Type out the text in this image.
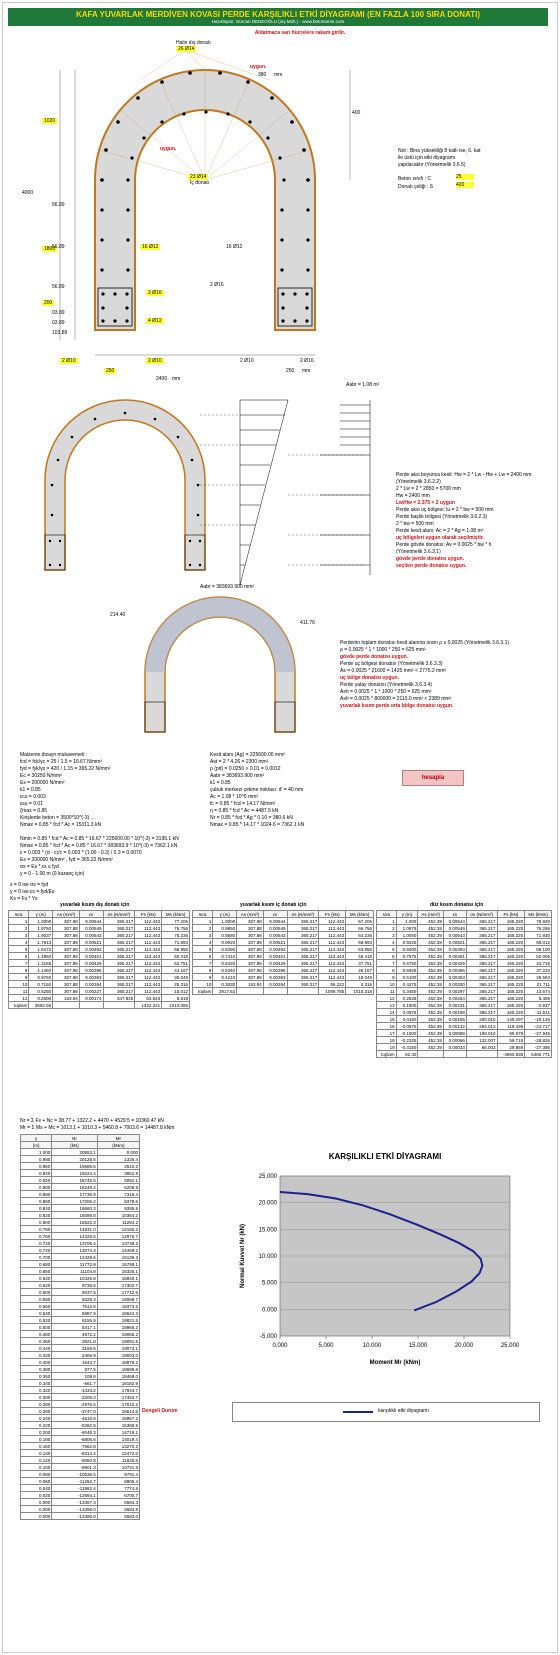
KAFA YUVARLAK MERDİVEN KOVASI PERDE KARŞILIKLI ETKİ DİYAGRAMI (EN FAZLA 100 SIRA DONATI)
Hazırlayan: Gürcan DEDEOĞLU (inş.Müh.) - www.betonarme.com
Aldatmaca sarı hücrelere rakam girilir.
Halin dış donatı
26 Ø14
uygun.
380 mm
uygun.
23 Ø14
İç donatı
1020
4000
1800
200
400
56.89
56.89
56.89
03.89
03.89
103.89
16 Ø12	16 Ø12
2 Ø16
2 Ø16
4 Ø12
2 Ø10	2 Ø10	2 Ø10	2 Ø16
250
2400
250
mm
mm
Not : Bina yüksekliği 8 katlı ise, 6. kat
ile üstü için etki diyagramı
yapılacaktır (Yönetmelik 3.6.5)
Beton sınıfı : C
25
Donatı çeliği : S
420
Aabr = 1.08 m²
Perde aksi boyunca kesit: Hw = 2 * Lw - Hw + Lw = 2400 mm
(Yönetmelik 3.6.2.2)
2 * Lw = 2 * 2850 = 5700 mm
Hw = 2400 mm
Lw/Hw = 2.375 > 2 uygun
Perde aksi uç bölgesi: lu = 2 * bw = 500 mm
Perde başlık bölgesi (Yönetmelik 3.6.2.3)
2 * bw = 500 mm
Perde kesit alanı: Ac = 2 * Ag = 1.08 m²
uç bölgeleri uygun olarak seçilmiştir.
Perde gövde donatısı: Av = 0.0025 * bw * h
(Yönetmelik 3.6.3.1)
gövde perde donatısı uygun.
seçilen perde donatısı uygun.
Aabr = 383693.900 mm²
214.40
411.76
Perdenin toplam donatısı kesit alanına oranı ρ ≥ 0.0025 (Yönetmelik 3.6.3.1)
ρ = 0.0025 * 1 * 1000 * 250 = 625 mm²
gövde perde donatısı uygun.
Perde uç bölgesi donatısı (Yönetmelik 3.6.3.3)
As = 0.0025 * 21600 = 1425 mm² < 2775.2 mm²
uç bölge donatısı uygun.
Perde yatay donatısı (Yönetmelik 3.6.3.4)
Ash = 0.0025 * 1 * 1000 * 250 = 625 mm²
Ash = 0.0025 * 800000 = 2110.0 mm² < 2389 mm²
yuvarlak kısım perde orta bölge donatısı uygun.
Malzeme dizayn mukavemeti :
fcd = fck/γc = 25 / 1.5 = 16.67 N/mm²
fyd = fyk/γs = 420 / 1.15 = 365.22 N/mm²
Ec = 30250 N/mm²
Es = 200000 N/mm²
k1 = 0.85
εcu = 0.003
εsu = 0.01
ζmax = 0.85
Kirişlerde beton = 3500*10^(-3) ...
Nmax = 0.85 * fcd * Ac = 15311.3 kN
Kesit alanı (Ag) = 225600.00 mm²
Ast = 2 * 4.26 = 2300 mm²
ρ (pd) = 0.0250 > 0.01 = 0.0012
Aabr = 383693.900 mm²
k1 = 0.85
çubuk merkezi çekme noktası: d' = 40 mm
Ac = 1.08 * 10^6 mm²
fc = 0.85 * fcd = 14.17 N/mm²
η = 0.85 * fcd * Ac = 4487.5 kN
Nr = 0.85 * fcd * Ag * 0.10 = 380.6 kN
Nmax = 0.85 * 14.17 * 1024.6 = 7362.1 kN
hesapla
Nmin = 0.85 * fcd * Ac = 0.85 * 16.67 * 225600.00 * 10^(-3) = 3195.1 kN
Nmax = 0.85 * fcd * Ac = 0.85 * 16.67 * 383693.9 * 10^(-3) = 7362.1 kN
ε = 0.003 * (d - c)/c = 0.003 * (1.00 - 0.3) / 0.3 = 0.0070
Es = 200000 N/mm² , fyd = 365.22 N/mm²
σs = Es * εs ≤ fyd
y = 0 - 1.00 m (0 kazanç için)
x = 0 ise σs = fyd
y = 0 ise εs = fyd/Es
Ks = Fs * Ys
yuvarlak kısım dış donatı için	yuvarlak kısım iç donatı için	düz kısım donatısı için
sıra	y (m)	As (mm²)	εs	σs (N/mm²)	Fs (kN)	Ms (kNm)
1	1.0000	307.88	0.00544	365.217	112.443	77.206
2	1.9750	307.88	0.00549	365.217	112.443	76.756
3	1.9037	307.88	0.00543	365.217	112.443	75.236
4	1.7913	307.88	0.00521	365.217	112.443	71.893
5	1.6472	307.88	0.00493	365.217	112.443	66.956
6	1.4850	307.88	0.00461	365.217	112.443	60.418
7	1.3155	307.88	0.00429	365.217	112.443	52.751
8	1.1450	307.88	0.00396	365.217	112.443	44.167
9	0.9750	307.88	0.00363	365.217	112.443	35.049
10	0.7150	307.88	0.00264	365.217	112.443	25.316
11	0.5250	307.88	0.00227	365.217	112.443	15.012
12	0.2500	153.94	0.00174	347.825	53.543	5.618
toplam	3692.56				1322.221	1013.086
sıra	y (m)	As (mm²)	εs	σs (N/mm²)	Fs (kN)	Ms (kNm)
1	1.0000	307.88	0.00544	365.217	112.443	67.206
2	0.9850	307.88	0.00549	365.217	112.443	66.756
3	0.9580	307.88	0.00543	365.217	112.443	64.236
4	0.9020	307.88	0.00521	365.217	112.443	59.893
5	0.8290	307.88	0.00493	365.217	112.443	53.956
6	0.7410	307.88	0.00461	365.217	112.443	46.418
7	0.6420	307.88	0.00429	365.217	112.443	37.751
8	0.5340	307.88	0.00396	365.217	112.443	28.167
9	0.4210	307.88	0.00363	365.217	112.443	18.049
10	0.3030	153.94	0.00264	365.217	56.222	4.316
toplam	2917.52				1089.785	1010.318
sıra	y (m)	As (mm²)	εs	σs (N/mm²)	Fs (kN)	Ms (kNm)
1	1.000	452.39	0.00544	365.217	165.220	78.930
2	1.0875	452.39	0.00549	365.217	165.220	76.256
3	1.0050	452.39	0.00543	365.217	165.220	71.930
4	0.9225	452.39	0.00521	365.217	165.220	66.012
5	0.8400	452.39	0.00493	365.217	165.220	59.100
6	0.7575	452.39	0.00461	365.217	165.220	52.006
7	0.6750	452.39	0.00429	365.217	165.220	44.715
8	0.5925	452.39	0.00396	365.217	165.220	37.233
9	0.5100	452.39	0.00363	365.217	165.220	29.563
10	0.4275	452.39	0.00330	365.217	165.220	21.711
11	0.3450	452.39	0.00297	365.217	165.220	13.674
12	0.2625	452.39	0.00264	365.217	165.220	5.459
13	0.1800	452.39	0.00231	365.217	165.220	-2.937
14	0.0975	452.39	0.00198	365.217	165.220	-11.511
15	0.0150	452.39	0.00165	330.016	149.297	-19.126
16	-0.0675	452.39	0.00132	264.013	119.438	-24.717
17	-0.1500	452.39	0.00099	198.010	89.578	-27.945
18	-0.2325	452.39	0.00066	132.007	59.719	-28.826
19	-0.3150	452.39	0.00033	66.003	29.859	-27.386
toplam	82.40				-4990.838	5460.771
Nr = Σ Fs + Nc = 38.77 + 1322.2 + 4470 + 4529.5 = 10360.47 kN
Mr = Σ Ms + Mc = 1013.1 + 1010.3 + 5460.8 + 7003.6 = 14487.8 kNm
y	Nr	Mr
(m)	(kN)	(kNm)
1.000	20553.1	0.000
0.980	20128.6	1325.4
0.960	19685.6	2610.2
0.940	19224.4	3852.8
0.920	18745.5	5052.1
0.900	18249.2	6206.9
0.880	17735.9	7316.4
0.860	17206.2	8379.6
0.840	16660.3	9395.8
0.820	16098.8	10364.2
0.800	15522.3	11284.2
0.780	14931.0	12155.2
0.760	14325.5	12976.7
0.740	13706.4	13748.2
0.720	13074.3	14469.2
0.700	12429.6	15139.3
0.680	11772.9	15758.1
0.660	11104.8	16325.1
0.640	10425.8	16840.1
0.620	9736.5	17302.7
0.600	9037.5	17712.6
0.580	8329.3	18069.7
0.560	7612.6	18373.6
0.540	6887.9	18624.3
0.520	6155.9	18821.5
0.500	5417.1	18965.2
0.480	4672.2	19055.2
0.460	3921.8	19091.5
0.440	3166.5	19074.1
0.420	2406.9	19003.0
0.400	1643.7	18878.2
0.380	877.5	18699.8
0.360	108.8	18468.0
0.340	-661.7	18182.9
0.320	-1433.2	17844.7
0.300	-2205.0	17453.7
0.280	-2976.5	17010.2
0.260	-3747.0	16514.6
0.240	-4515.9	15967.2
0.220	-5282.5	15368.5
0.200	-6046.3	14719.1
0.180	-6806.6	14019.4
0.160	-7562.8	13270.2
0.140	-8314.4	12472.0
0.120	-9060.8	11625.6
0.100	-9801.3	10731.8
0.080	-10535.5	9791.4
0.060	-11262.7	8805.4
0.040	-11982.4	7774.8
0.020	-12694.1	6700.7
0.000	-13397.3	5584.3
0.000	-13396.0	5583.8
0.000	-13395.0	5583.0
Dengeli Durum
KARŞILIKLI ETKİ DİYAGRAMI
-5.000
0.000
5.000
10.000
15.000
20.000
25.000
0.000	5.000	10.000	15.000	20.000	25.000
Moment Mr (kNm)
Normal Kuvvet Nr (kN)
karşılıklı etki diyagramı
